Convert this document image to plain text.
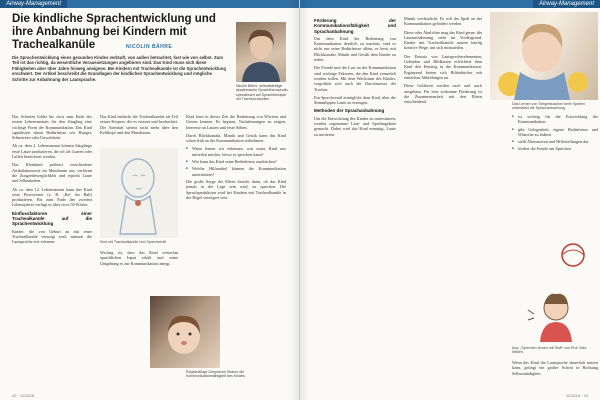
Airway-Management
Die kindliche Sprachentwicklung und ihre Anbahnung bei Kindern mit Trachealkanüle
Nicolin Bähre, selbstständige akademische Sprachtherapeutin, spezialisiert auf Sprachtherapie mit Tracheal-kanülen
NICOLIN BÄHRE
Die Sprachentwicklung eines gesunden Kindes verläuft, von außen betrachtet, fast wie von selbst. Zum Teil ist das richtig, da wesentliche Voraussetzungen angeboren sind. Das Kind muss sich diese Fähigkeiten aber über Jahre hinweg aneignen. Bei Kindern mit Trachealkanüle ist die Sprachentwicklung erschwert. Der Artikel beschreibt die Grundlagen der kindlichen Sprachentwicklung und mögliche Schritte zur Anbahnung der Lautsprache.

Das Schreien bildet bis circa zum Ende des ersten Lebensmonats für den Säugling eine wichtige Form der Kommunikation. Das Kind signalisiert damit Bedürfnisse wie Hunger, Schmerzen oder Unwohlsein.

Ab ca. dem 2. Lebensmonat können Säuglinge erste Laute produzieren, die oft als Gurren oder Lallen bezeichnet werden.

Das Kleinkind probiert verschiedene Artikulationsorte im Mundraum aus, verformt die Zungenbeweglichkeit und erprobt Laute und Silbenketten.

Ab ca. dem 12. Lebensmonat kann das Kind erste Protowörter (z. B. „Ba“ für Ball) produzieren. Bis zum Ende des zweiten Lebensjahres verfügt es über circa 50 Wörter.

Einflussfaktoren einer Trachealkanüle auf die Sprachentwicklung

Kinder, die von Geburt an mit einer Trachealkanüle versorgt sind, müssen die Lautsprache erst erlernen.

Das Kind entdeckt die Trachealkanüle als Teil seines Körpers, die es ertastet und beobachtet. Die Atemluft strömt nicht mehr über den Kehlkopf und den Mundraum.

Kind mit Trachealkanüle und Sprechventil

Wichtig ist, dass das Kind weiterhin sprachlichen Input erhält und seine Umgebung es zur Kommunikation anregt.

Regelmäßige Gespräche fördern die Kommunikationsfähigkeit des Kindes.

Kind lernt in dieser Zeit die Bedeutung von Wörtern und Gesten kennen. Es beginnt, Nachahmungen zu zeigen, Interesse an Lauten und erste Silben.

Durch Blickkontakt, Mimik und Gestik kann das Kind schon früh an der Kommunikation teilnehmen.

■ Wann lernen wir erkennen, was unser Kind uns mitteilen möchte, bevor es sprechen kann?
■ Wie kann das Kind seine Bedürfnisse ausdrücken?
■ Welche Hilfsmittel können die Kommunikation unterstützen?

Die große Sorge der Eltern besteht darin, ob das Kind jemals in der Lage sein wird, zu sprechen. Die Sprachproduktion wird bei Kindern mit Trachealkanüle in der Regel verzögert sein.

42 · 11/2018
Airway-Management
Förderung der Kommunikationsfähigkeit und Sprachanbahnung

Um dem Kind die Bedeutung von Kommunikation deutlich zu machen, sind es nicht nur seine Bedürfnisse allein, es lernt, mit Blickkontakt, Mimik und Gestik dem Kinder zu reden.

Die Freude und die Lust an der Kommunikation sind wichtige Faktoren, die den Kind vermittelt werden sollen. Mit dem Wachstum des Kindes, vergrößert sich auch der Durchmesser der Trachea.

Ein Sprechventil ermöglicht dem Kind, über die Stimmlippen Laute zu erzeugen.

Methoden der Sprachanbahnung

Um die Entwicklung des Kindes zu unterstützen, werden sogenannte Laut- und Spielangebote gemacht. Dabei wird das Kind ermutigt, Laute zu imitieren.

Mimik verdeutlicht. Es soll der Spaß an der Kommunikation gefördert werden.

Diese oder Ähnliches mag das Kind gerne, die Lautnachahmung steht im Vordergrund. Kinder mit Trachealkanüle nutzen häufig kreative Wege, um sich mitzuteilen.

Der Einsatz von Lautsprecherelementen, Gebärden und Bildkarten erleichtert dem Kind den Einstieg in die Kommunikation. Ergänzend bieten sich Bilderbücher mit einfachen Abbildungen an.

Diese Gefahren werden nach und nach ausgebaut. Für eine wirksame Förderung ist die Zusammenarbeit mit den Eltern entscheidend.	Das Lernen von Tiergeräuschen beim Spielen unterstützt die Sprachanbahnung.
■ ist wichtig für die Entwicklung der Kommunikation
■ gibt Gelegenheit, eigene Bedürfnisse und Wünsche zu äußern
■ stellt Alternativen und Hilfestellungen dar
■ fördert die Freude am Sprechen
Aus: „Sprechen lernen mit Stoff“ von Prof. Elke Wilken.

Wenn das Kind die Lautsprache dauerhaft nutzen kann, gelingt ein großer Schritt in Richtung Selbstständigkeit.

11/2018 · 43
